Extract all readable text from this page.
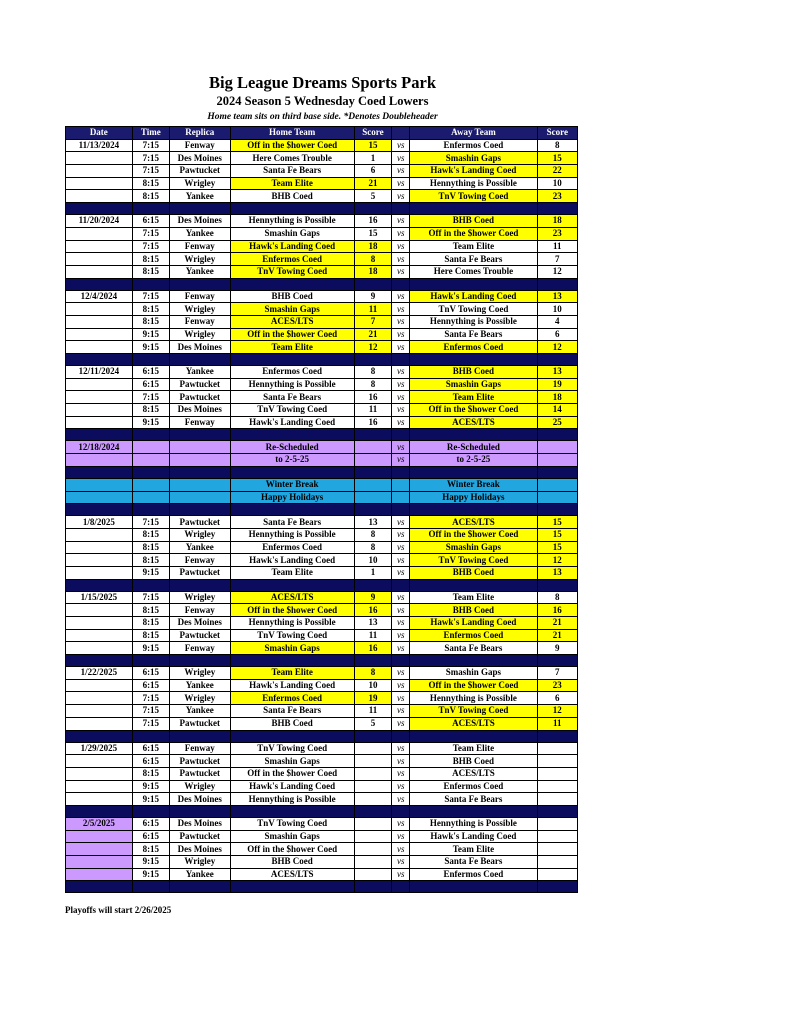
Big League Dreams Sports Park
2024 Season 5 Wednesday Coed Lowers
Home team sits on third base side. *Denotes Doubleheader
Date	Time	Replica	Home Team	Score		Away Team	Score
11/13/2024	7:15	Fenway	Off in the $hower Coed	15	vs	Enfermos Coed	8
	7:15	Des Moines	Here Comes Trouble	1	vs	Smashin Gaps	15
	7:15	Pawtucket	Santa Fe Bears	6	vs	Hawk's Landing Coed	22
	8:15	Wrigley	Team Elite	21	vs	Hennything is Possible	10
	8:15	Yankee	BHB Coed	5	vs	TnV Towing Coed	23

11/20/2024	6:15	Des Moines	Hennything is Possible	16	vs	BHB Coed	18
	7:15	Yankee	Smashin Gaps	15	vs	Off in the $hower Coed	23
	7:15	Fenway	Hawk's Landing Coed	18	vs	Team Elite	11
	8:15	Wrigley	Enfermos Coed	8	vs	Santa Fe Bears	7
	8:15	Yankee	TnV Towing Coed	18	vs	Here Comes Trouble	12

12/4/2024	7:15	Fenway	BHB Coed	9	vs	Hawk's Landing Coed	13
	8:15	Wrigley	Smashin Gaps	11	vs	TnV Towing Coed	10
	8:15	Fenway	ACES/LTS	7	vs	Hennything is Possible	4
	9:15	Wrigley	Off in the $hower Coed	21	vs	Santa Fe Bears	6
	9:15	Des Moines	Team Elite	12	vs	Enfermos Coed	12

12/11/2024	6:15	Yankee	Enfermos Coed	8	vs	BHB Coed	13
	6:15	Pawtucket	Hennything is Possible	8	vs	Smashin Gaps	19
	7:15	Pawtucket	Santa Fe Bears	16	vs	Team Elite	18
	8:15	Des Moines	TnV Towing Coed	11	vs	Off in the $hower Coed	14
	9:15	Fenway	Hawk's Landing Coed	16	vs	ACES/LTS	25

12/18/2024			Re-Scheduled		vs	Re-Scheduled	
			to 2-5-25		vs	to 2-5-25	

			Winter Break			Winter Break	
			Happy Holidays			Happy Holidays	

1/8/2025	7:15	Pawtucket	Santa Fe Bears	13	vs	ACES/LTS	15
	8:15	Wrigley	Hennything is Possible	8	vs	Off in the $hower Coed	15
	8:15	Yankee	Enfermos Coed	8	vs	Smashin Gaps	15
	8:15	Fenway	Hawk's Landing Coed	10	vs	TnV Towing Coed	12
	9:15	Pawtucket	Team Elite	1	vs	BHB Coed	13

1/15/2025	7:15	Wrigley	ACES/LTS	9	vs	Team Elite	8
	8:15	Fenway	Off in the $hower Coed	16	vs	BHB Coed	16
	8:15	Des Moines	Hennything is Possible	13	vs	Hawk's Landing Coed	21
	8:15	Pawtucket	TnV Towing Coed	11	vs	Enfermos Coed	21
	9:15	Fenway	Smashin Gaps	16	vs	Santa Fe Bears	9

1/22/2025	6:15	Wrigley	Team Elite	8	vs	Smashin Gaps	7
	6:15	Yankee	Hawk's Landing Coed	10	vs	Off in the $hower Coed	23
	7:15	Wrigley	Enfermos Coed	19	vs	Hennything is Possible	6
	7:15	Yankee	Santa Fe Bears	11	vs	TnV Towing Coed	12
	7:15	Pawtucket	BHB Coed	5	vs	ACES/LTS	11

1/29/2025	6:15	Fenway	TnV Towing Coed		vs	Team Elite	
	6:15	Pawtucket	Smashin Gaps		vs	BHB Coed	
	8:15	Pawtucket	Off in the $hower Coed		vs	ACES/LTS	
	9:15	Wrigley	Hawk's Landing Coed		vs	Enfermos Coed	
	9:15	Des Moines	Hennything is Possible		vs	Santa Fe Bears	

2/5/2025	6:15	Des Moines	TnV Towing Coed		vs	Hennything is Possible	
	6:15	Pawtucket	Smashin Gaps		vs	Hawk's Landing Coed	
	8:15	Des Moines	Off in the $hower Coed		vs	Team Elite	
	9:15	Wrigley	BHB Coed		vs	Santa Fe Bears	
	9:15	Yankee	ACES/LTS		vs	Enfermos Coed	

Playoffs will start 2/26/2025
